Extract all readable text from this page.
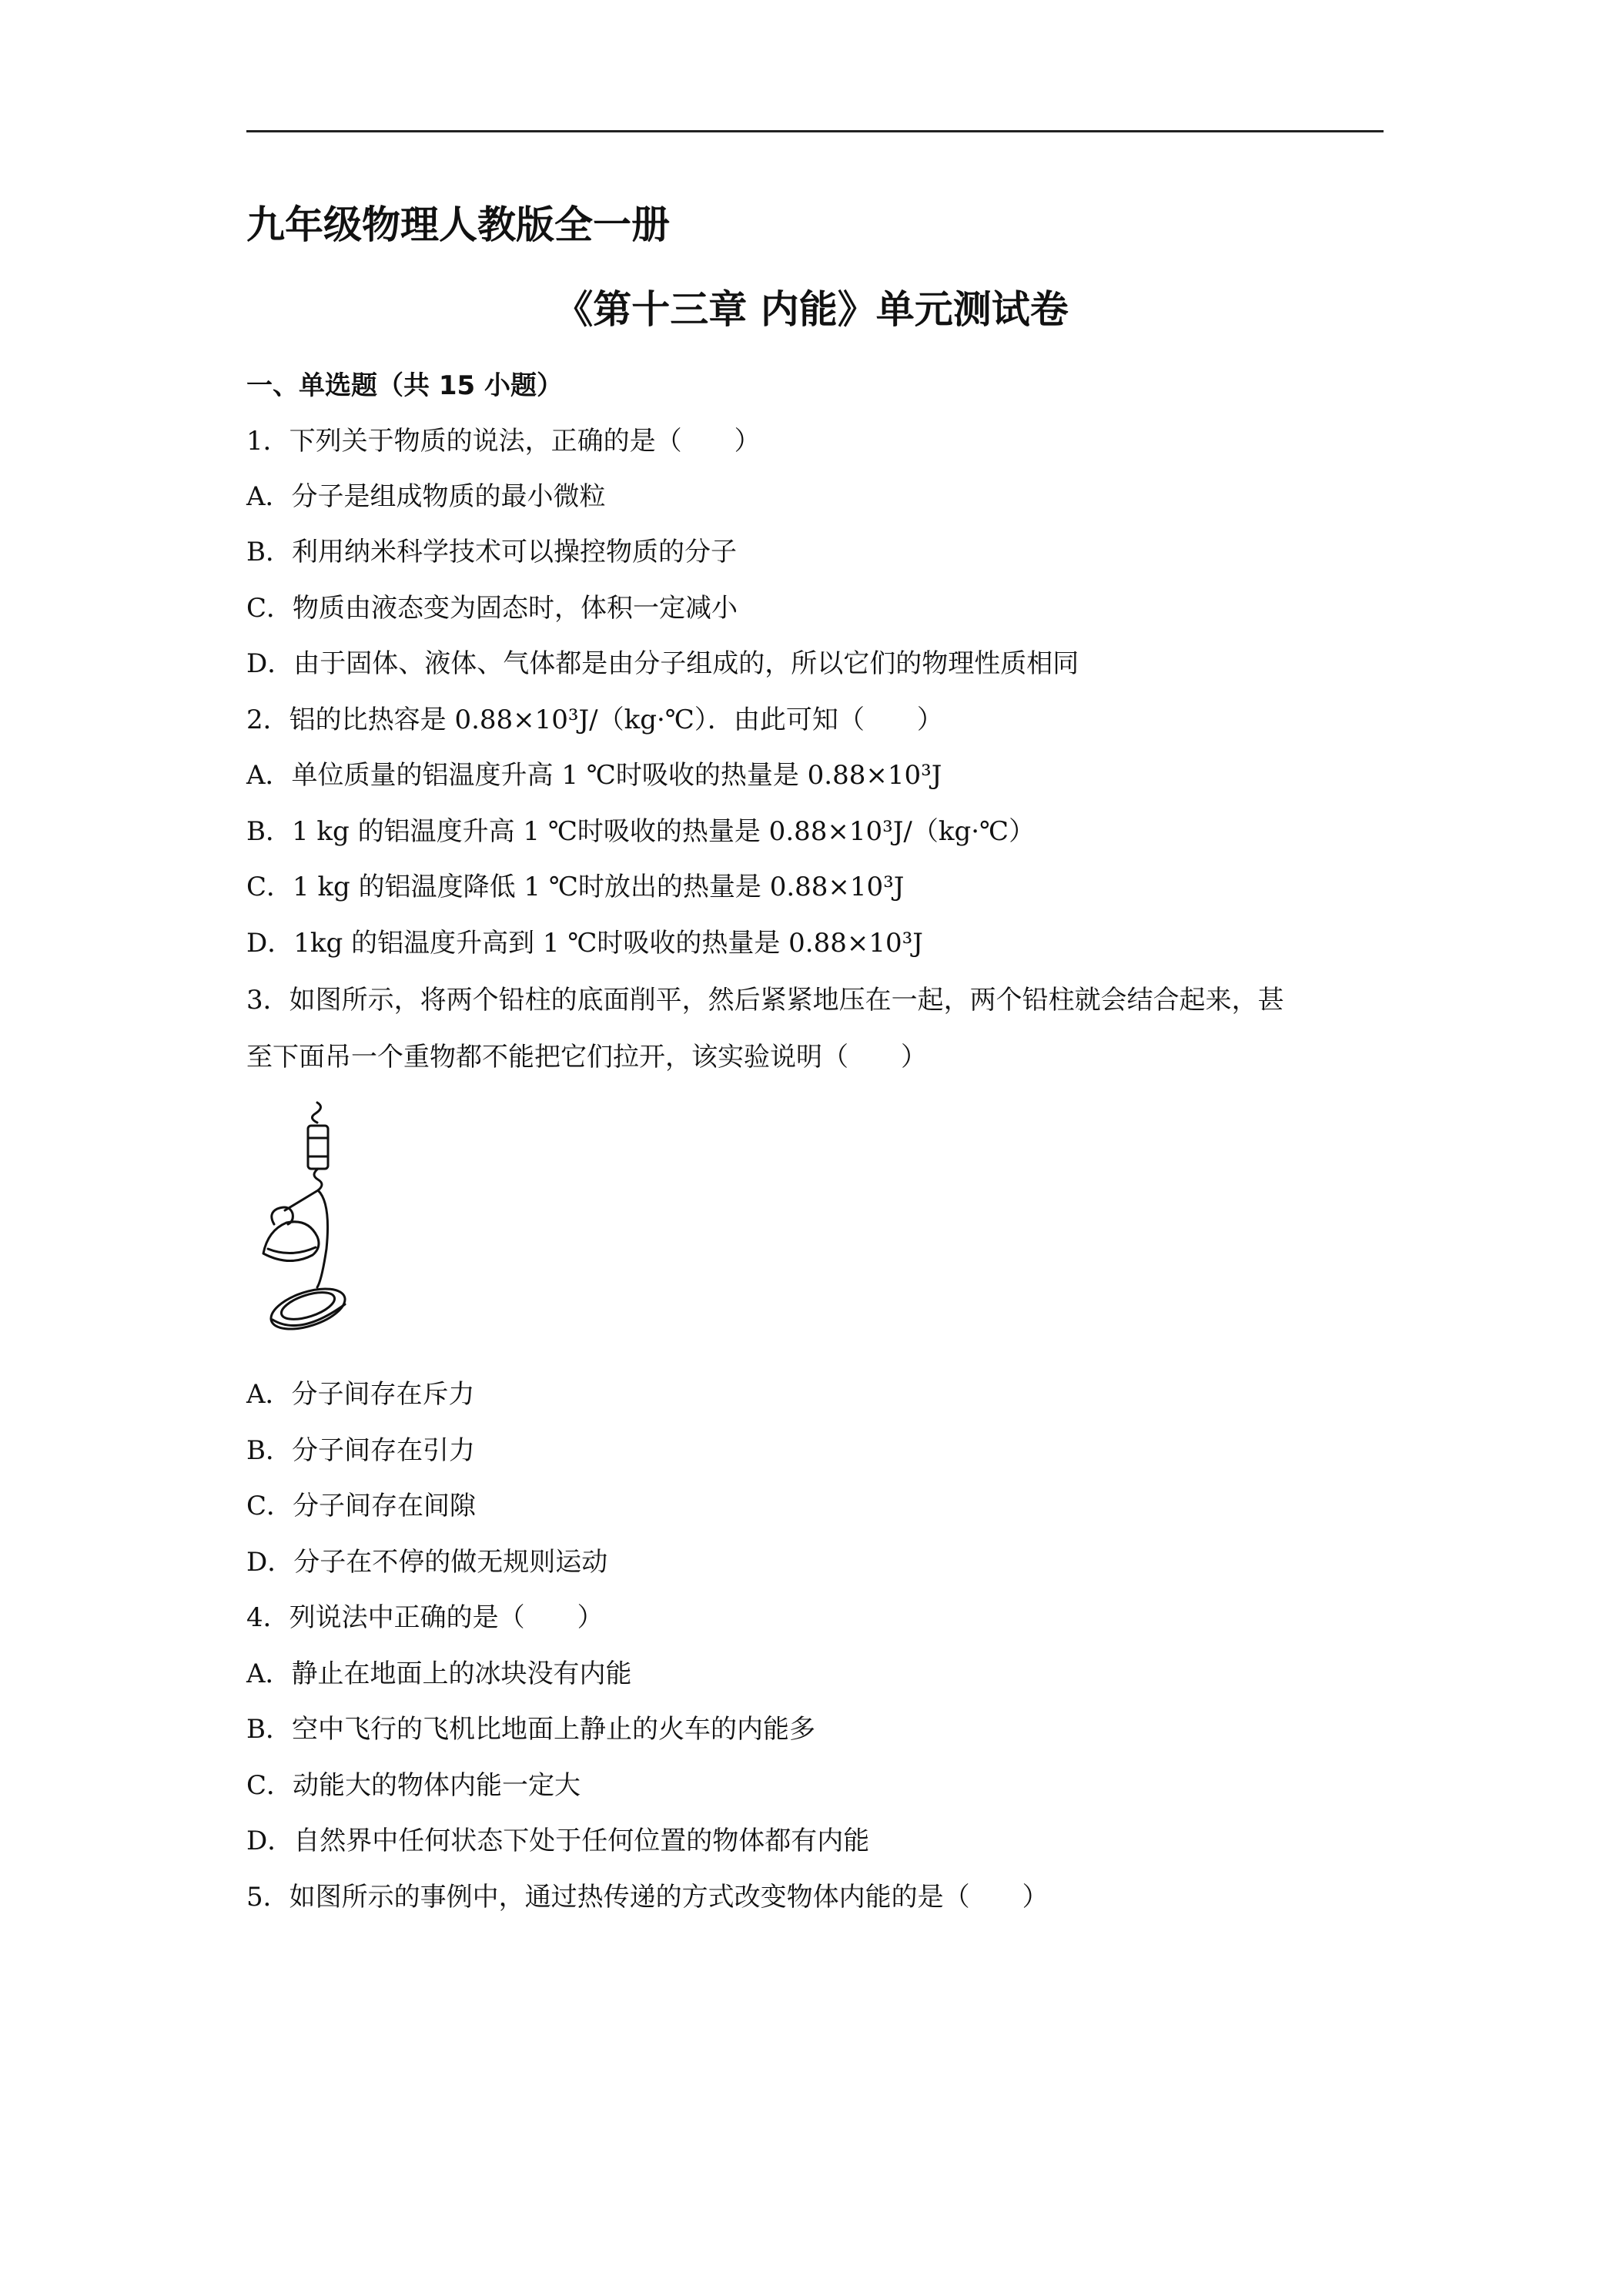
九年级物理人教版全一册
《第十三章 内能》单元测试卷
一、单选题（共 15 小题）
1．下列关于物质的说法，正确的是（　　）
A．分子是组成物质的最小微粒
B．利用纳米科学技术可以操控物质的分子
C．物质由液态变为固态时，体积一定减小
D．由于固体、液体、气体都是由分子组成的，所以它们的物理性质相同
2．铝的比热容是 0.88×10³J/（kg·℃）．由此可知（　　）
A．单位质量的铝温度升高 1 ℃时吸收的热量是 0.88×10³J
B．1 kg 的铝温度升高 1 ℃时吸收的热量是 0.88×10³J/（kg·℃）
C．1 kg 的铝温度降低 1 ℃时放出的热量是 0.88×10³J
D．1kg 的铝温度升高到 1 ℃时吸收的热量是 0.88×10³J
3．如图所示，将两个铅柱的底面削平，然后紧紧地压在一起，两个铅柱就会结合起来，甚
至下面吊一个重物都不能把它们拉开，该实验说明（　　）
A．分子间存在斥力
B．分子间存在引力
C．分子间存在间隙
D．分子在不停的做无规则运动
4．列说法中正确的是（　　）
A．静止在地面上的冰块没有内能
B．空中飞行的飞机比地面上静止的火车的内能多
C．动能大的物体内能一定大
D．自然界中任何状态下处于任何位置的物体都有内能
5．如图所示的事例中，通过热传递的方式改变物体内能的是（　　）
